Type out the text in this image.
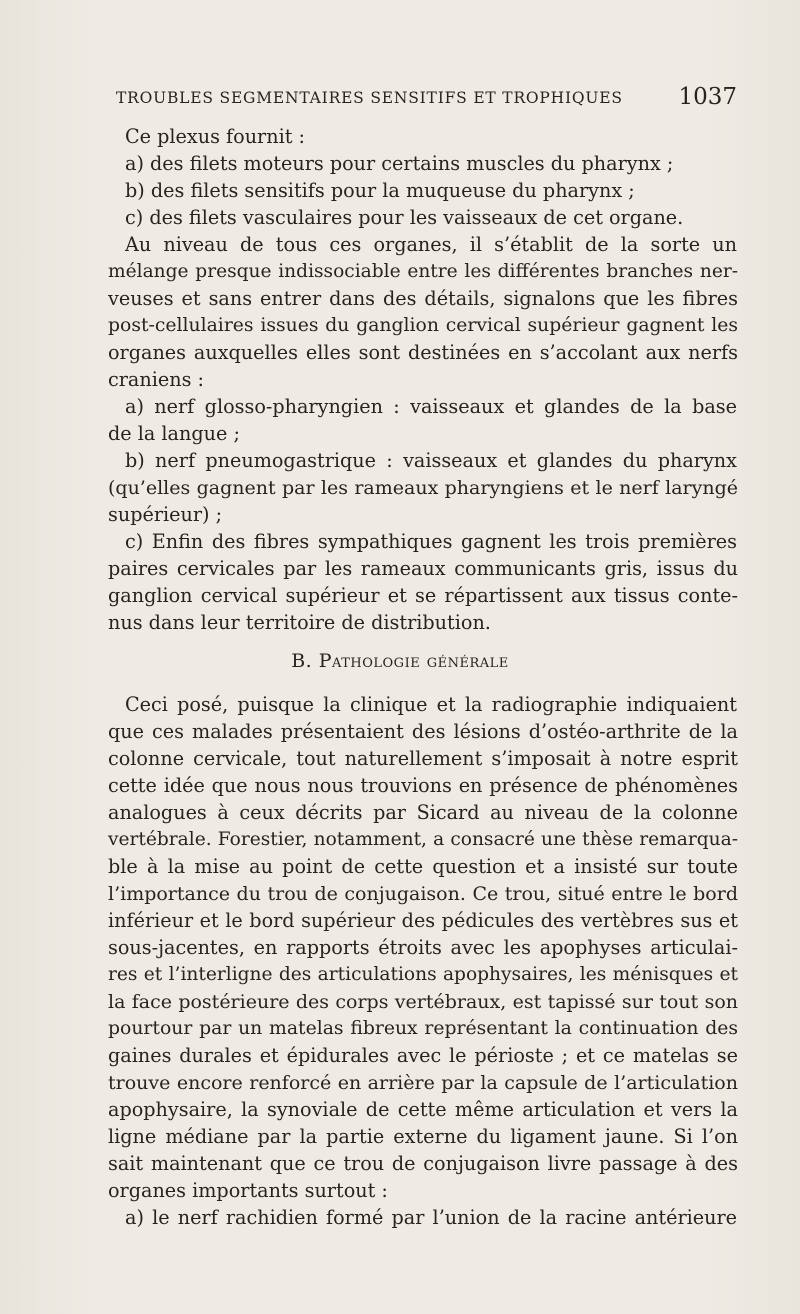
TROUBLES SEGMENTAIRES SENSITIFS ET TROPHIQUES 1037
Ce plexus fournit :
a) des filets moteurs pour certains muscles du pharynx ;
b) des filets sensitifs pour la muqueuse du pharynx ;
c) des filets vasculaires pour les vaisseaux de cet organe.
Au niveau de tous ces organes, il s’établit de la sorte un
mélange presque indissociable entre les différentes branches ner-
veuses et sans entrer dans des détails, signalons que les fibres
post-cellulaires issues du ganglion cervical supérieur gagnent les
organes auxquelles elles sont destinées en s’accolant aux nerfs
craniens :
a) nerf glosso-pharyngien : vaisseaux et glandes de la base
de la langue ;
b) nerf pneumogastrique : vaisseaux et glandes du pharynx
(qu’elles gagnent par les rameaux pharyngiens et le nerf laryngé
supérieur) ;
c) Enfin des fibres sympathiques gagnent les trois premières
paires cervicales par les rameaux communicants gris, issus du
ganglion cervical supérieur et se répartissent aux tissus conte-
nus dans leur territoire de distribution.
B. Pathologie générale
Ceci posé, puisque la clinique et la radiographie indiquaient
que ces malades présentaient des lésions d’ostéo-arthrite de la
colonne cervicale, tout naturellement s’imposait à notre esprit
cette idée que nous nous trouvions en présence de phénomènes
analogues à ceux décrits par Sicard au niveau de la colonne
vertébrale. Forestier, notamment, a consacré une thèse remarqua-
ble à la mise au point de cette question et a insisté sur toute
l’importance du trou de conjugaison. Ce trou, situé entre le bord
inférieur et le bord supérieur des pédicules des vertèbres sus et
sous-jacentes, en rapports étroits avec les apophyses articulai-
res et l’interligne des articulations apophysaires, les ménisques et
la face postérieure des corps vertébraux, est tapissé sur tout son
pourtour par un matelas fibreux représentant la continuation des
gaines durales et épidurales avec le périoste ; et ce matelas se
trouve encore renforcé en arrière par la capsule de l’articulation
apophysaire, la synoviale de cette même articulation et vers la
ligne médiane par la partie externe du ligament jaune. Si l’on
sait maintenant que ce trou de conjugaison livre passage à des
organes importants surtout :
a) le nerf rachidien formé par l’union de la racine antérieure
